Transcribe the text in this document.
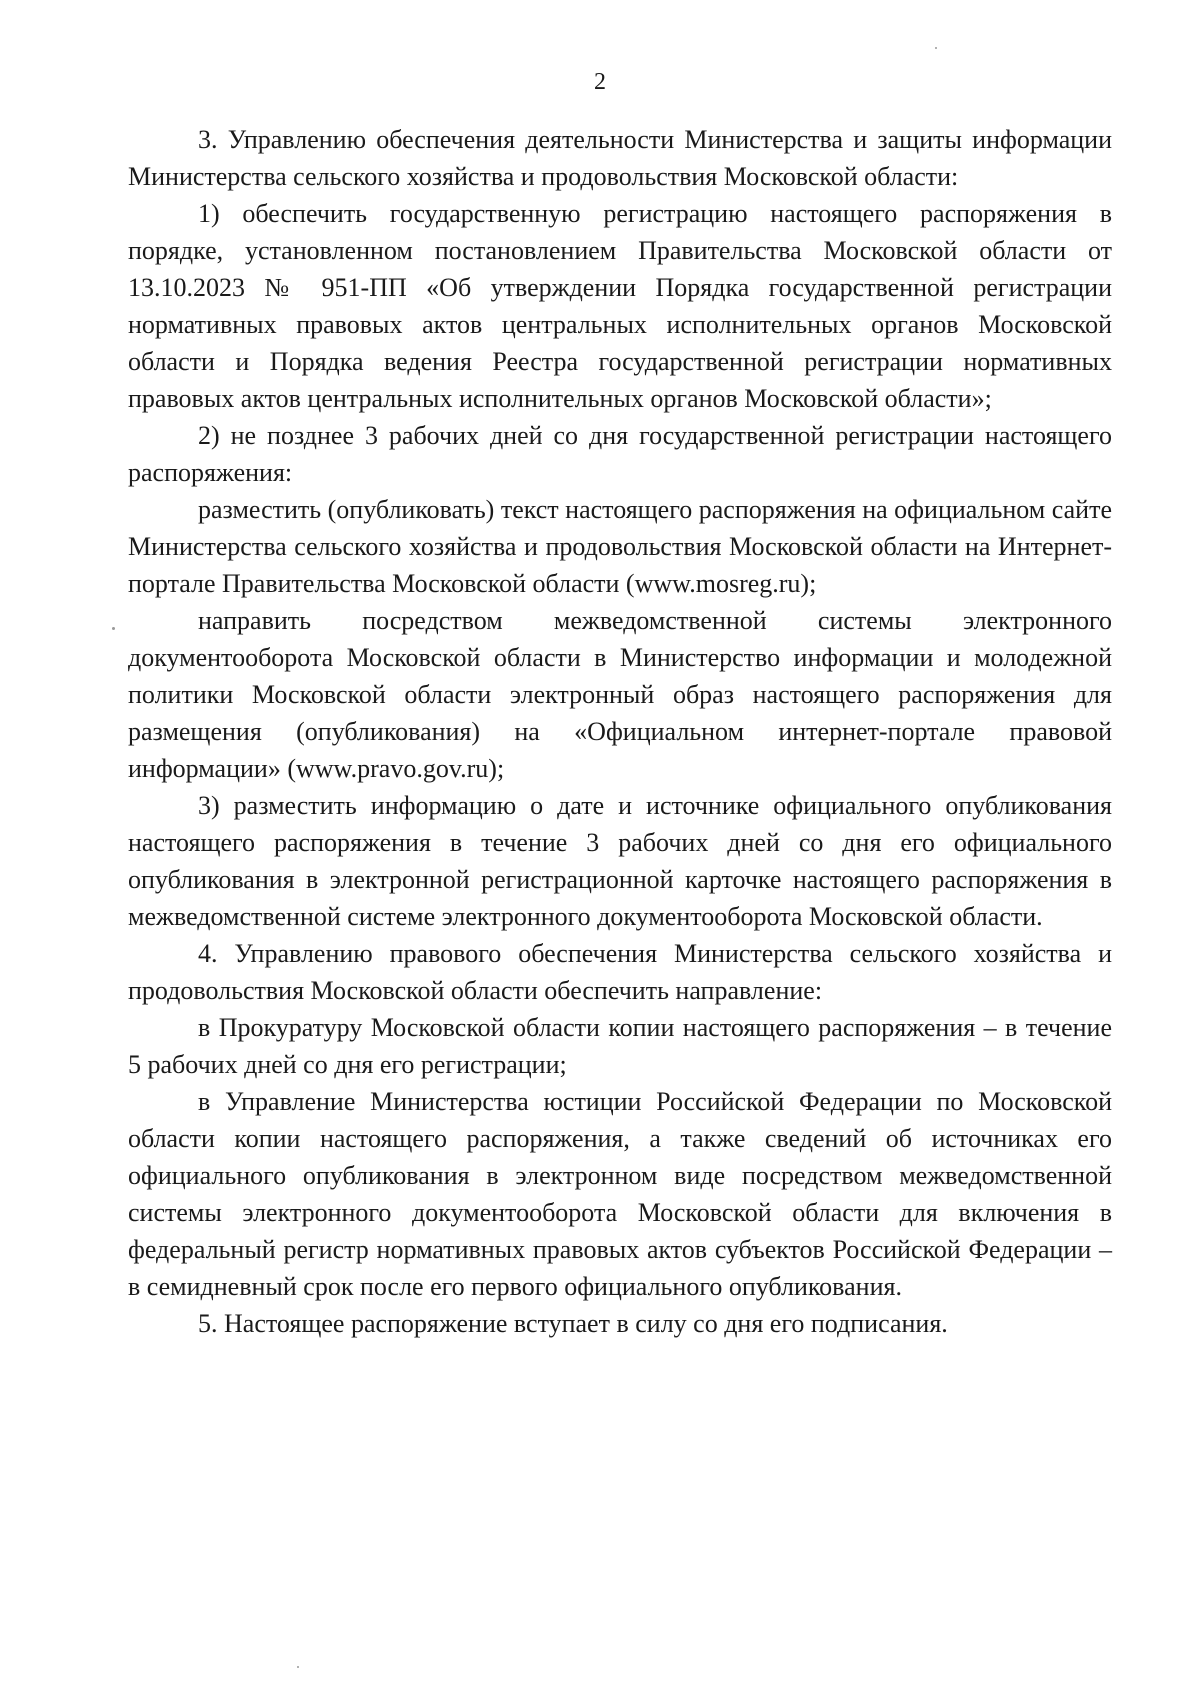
2

3. Управлению обеспечения деятельности Министерства и защиты информации Министерства сельского хозяйства и продовольствия Московской области:

1) обеспечить государственную регистрацию настоящего распоряжения в порядке, установленном постановлением Правительства Московской области от 13.10.2023 № 951-ПП «Об утверждении Порядка государственной регистрации нормативных правовых актов центральных исполнительных органов Московской области и Порядка ведения Реестра государственной регистрации нормативных правовых актов центральных исполнительных органов Московской области»;

2) не позднее 3 рабочих дней со дня государственной регистрации настоящего распоряжения:

разместить (опубликовать) текст настоящего распоряжения на официальном сайте Министерства сельского хозяйства и продовольствия Московской области на Интернет-портале Правительства Московской области (www.mosreg.ru);

направить посредством межведомственной системы электронного документооборота Московской области в Министерство информации и молодежной политики Московской области электронный образ настоящего распоряжения для размещения (опубликования) на «Официальном интернет-портале правовой информации» (www.pravo.gov.ru);

3) разместить информацию о дате и источнике официального опубликования настоящего распоряжения в течение 3 рабочих дней со дня его официального опубликования в электронной регистрационной карточке настоящего распоряжения в межведомственной системе электронного документооборота Московской области.

4. Управлению правового обеспечения Министерства сельского хозяйства и продовольствия Московской области обеспечить направление:

в Прокуратуру Московской области копии настоящего распоряжения – в течение 5 рабочих дней со дня его регистрации;

в Управление Министерства юстиции Российской Федерации по Московской области копии настоящего распоряжения, а также сведений об источниках его официального опубликования в электронном виде посредством межведомственной системы электронного документооборота Московской области для включения в федеральный регистр нормативных правовых актов субъектов Российской Федерации – в семидневный срок после его первого официального опубликования.

5. Настоящее распоряжение вступает в силу со дня его подписания.
